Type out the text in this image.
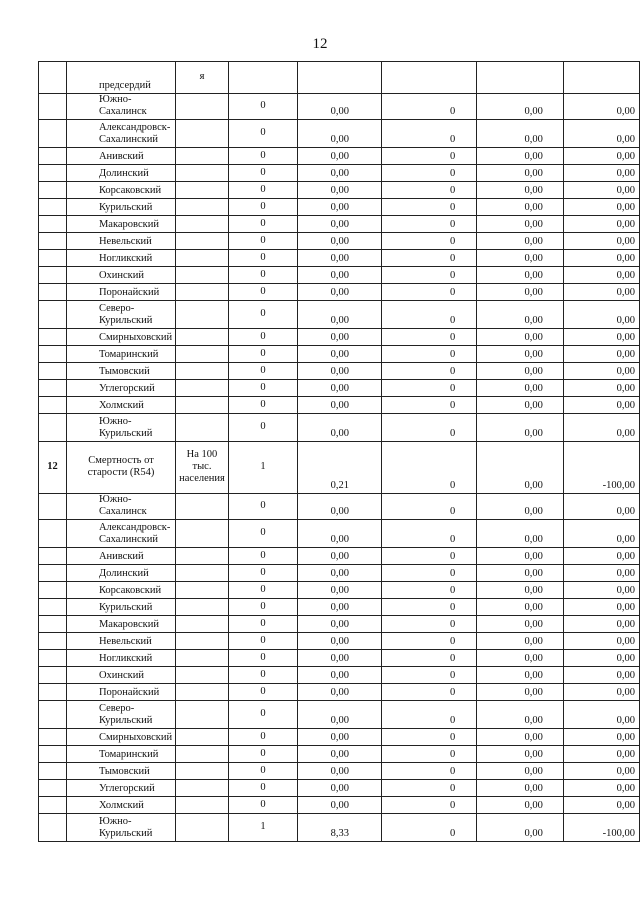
12
	предсердий	я					
	Южно-Сахалинск		0	0,00	0	0,00	0,00
	Александровск-Сахалинский		0	0,00	0	0,00	0,00
	Анивский		0	0,00	0	0,00	0,00
	Долинский		0	0,00	0	0,00	0,00
	Корсаковский		0	0,00	0	0,00	0,00
	Курильский		0	0,00	0	0,00	0,00
	Макаровский		0	0,00	0	0,00	0,00
	Невельский		0	0,00	0	0,00	0,00
	Ногликский		0	0,00	0	0,00	0,00
	Охинский		0	0,00	0	0,00	0,00
	Поронайский		0	0,00	0	0,00	0,00
	Северо-Курильский		0	0,00	0	0,00	0,00
	Смирныховский		0	0,00	0	0,00	0,00
	Томаринский		0	0,00	0	0,00	0,00
	Тымовский		0	0,00	0	0,00	0,00
	Углегорский		0	0,00	0	0,00	0,00
	Холмский		0	0,00	0	0,00	0,00
	Южно-Курильский		0	0,00	0	0,00	0,00
12	Смертность от старости (R54)	На 100 тыс. населения	1	0,21	0	0,00	-100,00
	Южно-Сахалинск		0	0,00	0	0,00	0,00
	Александровск-Сахалинский		0	0,00	0	0,00	0,00
	Анивский		0	0,00	0	0,00	0,00
	Долинский		0	0,00	0	0,00	0,00
	Корсаковский		0	0,00	0	0,00	0,00
	Курильский		0	0,00	0	0,00	0,00
	Макаровский		0	0,00	0	0,00	0,00
	Невельский		0	0,00	0	0,00	0,00
	Ногликский		0	0,00	0	0,00	0,00
	Охинский		0	0,00	0	0,00	0,00
	Поронайский		0	0,00	0	0,00	0,00
	Северо-Курильский		0	0,00	0	0,00	0,00
	Смирныховский		0	0,00	0	0,00	0,00
	Томаринский		0	0,00	0	0,00	0,00
	Тымовский		0	0,00	0	0,00	0,00
	Углегорский		0	0,00	0	0,00	0,00
	Холмский		0	0,00	0	0,00	0,00
	Южно-Курильский		1	8,33	0	0,00	-100,00
